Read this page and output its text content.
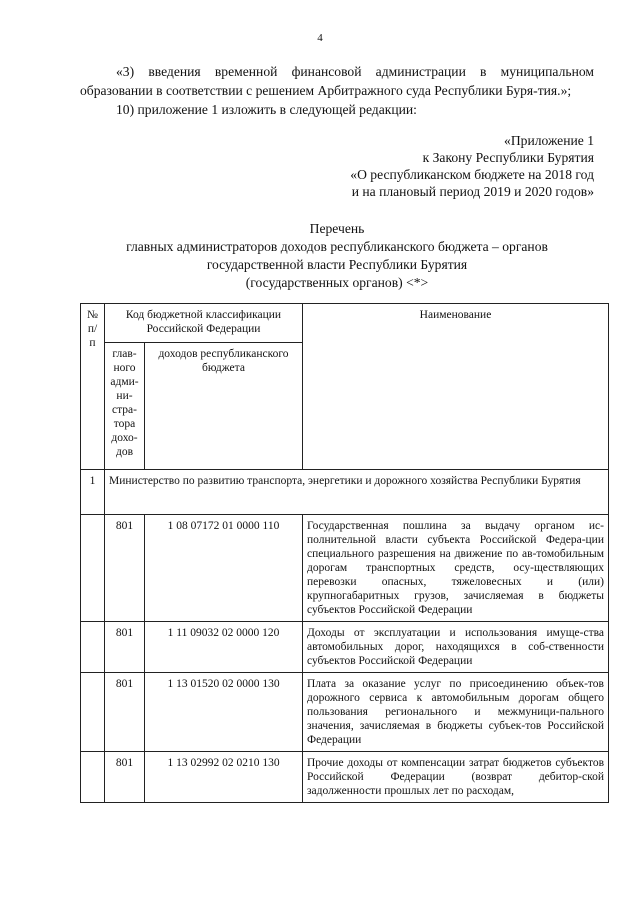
4

«3) введения временной финансовой администрации в муниципальном образовании в соответствии с решением Арбитражного суда Республики Буря-тия.»;

10) приложение 1 изложить в следующей редакции:

«Приложение 1
к Закону Республики Бурятия
«О республиканском бюджете на 2018 год
и на плановый период 2019 и 2020 годов»
Перечень
главных администраторов доходов республиканского бюджета – органов
государственной власти Республики Бурятия
(государственных органов) <*>
№ п/п	Код бюджетной классификации Российской Федерации		Наименование
	глав-ного адми-ни-стра-тора дохо-дов	доходов республиканского бюджета	
1	Министерство по развитию транспорта, энергетики и дорожного хозяйства Республики Бурятия		
	801	1 08 07172 01 0000 110	Государственная пошлина за выдачу органом ис-полнительной власти субъекта Российской Федера-ции специального разрешения на движение по ав-томобильным дорогам транспортных средств, осу-ществляющих перевозки опасных, тяжеловесных и (или) крупногабаритных грузов, зачисляемая в бюджеты субъектов Российской Федерации
	801	1 11 09032 02 0000 120	Доходы от эксплуатации и использования имуще-ства автомобильных дорог, находящихся в соб-ственности субъектов Российской Федерации
	801	1 13 01520 02 0000 130	Плата за оказание услуг по присоединению объек-тов дорожного сервиса к автомобильным дорогам общего пользования регионального и межмуници-пального значения, зачисляемая в бюджеты субъек-тов Российской Федерации
	801	1 13 02992 02 0210 130	Прочие доходы от компенсации затрат бюджетов субъектов Российской Федерации (возврат дебитор-ской задолженности прошлых лет по расходам,
